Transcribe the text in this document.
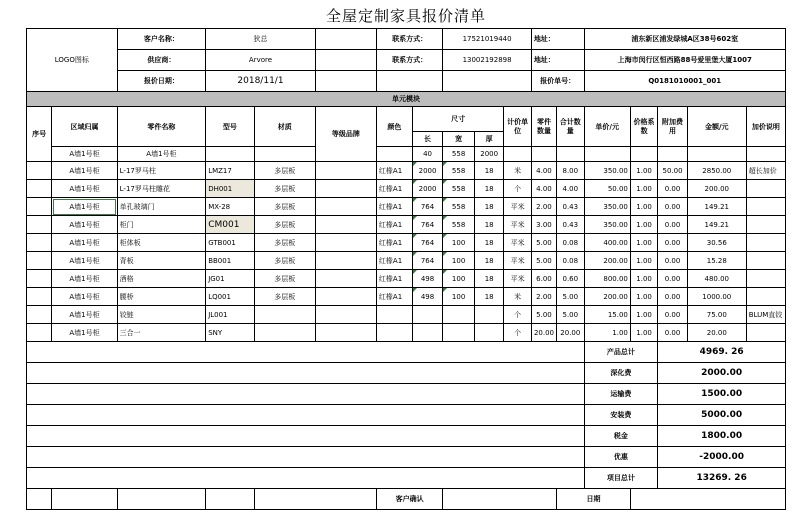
全屋定制家具报价清单
LOGO图标		客户名称：	狄总			联系方式：		17521019440			地址：		浦东新区浦发绿城A区38号602室				
		供应商：	Arvore			联系方式：		13002192898			地址：		上海市闵行区恒西路88号爱里堡大厦1007				
		报价日期：	2018/11/1								报价单号：		Q0181010001_001				
单元模块																	
序号	区域归属	零件名称	型号	材质	等级品牌	颜色	尺寸			计价单位	零件数量	合计数量	单价/元	价格系数	附加费用	金额/元	加价说明
							长	宽	厚								
	A墙1号柜	A墙1号柜					40	558	2000								
	A墙1号柜	L-17罗马柱	LMZ17	多层板		红橡A1	2000	558	18	米	4.00	8.00	350.00	1.00	50.00	2850.00	超长加价
	A墙1号柜	L-17罗马柱雕花	DH001	多层板		红橡A1	2000	558	18	个	4.00	4.00	50.00	1.00	0.00	200.00	
	A墙1号柜	单孔玻璃门	MX-28	多层板		红橡A1	764	558	18	平米	2.00	0.43	350.00	1.00	0.00	149.21	
	A墙1号柜	柜门	CM001	多层板		红橡A1	764	558	18	平米	3.00	0.43	350.00	1.00	0.00	149.21	
	A墙1号柜	柜体板	GTB001	多层板		红橡A1	764	100	18	平米	5.00	0.08	400.00	1.00	0.00	30.56	
	A墙1号柜	背板	BB001	多层板		红橡A1	764	100	18	平米	5.00	0.08	200.00	1.00	0.00	15.28	
	A墙1号柜	酒格	JG01	多层板		红橡A1	498	100	18	平米	6.00	0.60	800.00	1.00	0.00	480.00	
	A墙1号柜	腰桥	LQ001	多层板		红橡A1	498	100	18	米	2.00	5.00	200.00	1.00	0.00	1000.00	
	A墙1号柜	铰链	JL001							个	5.00	5.00	15.00	1.00	0.00	75.00	BLUM直铰
	A墙1号柜	三合一	SNY							个	20.00	20.00	1.00	1.00	0.00	20.00	
													产品总计		4969. 26		
													深化费		2000.00		
													运输费		1500.00		
													安装费		5000.00		
													税金		1800.00		
													优惠		-2000.00		
													项目总计		13269. 26		
						客户确认						日期					
